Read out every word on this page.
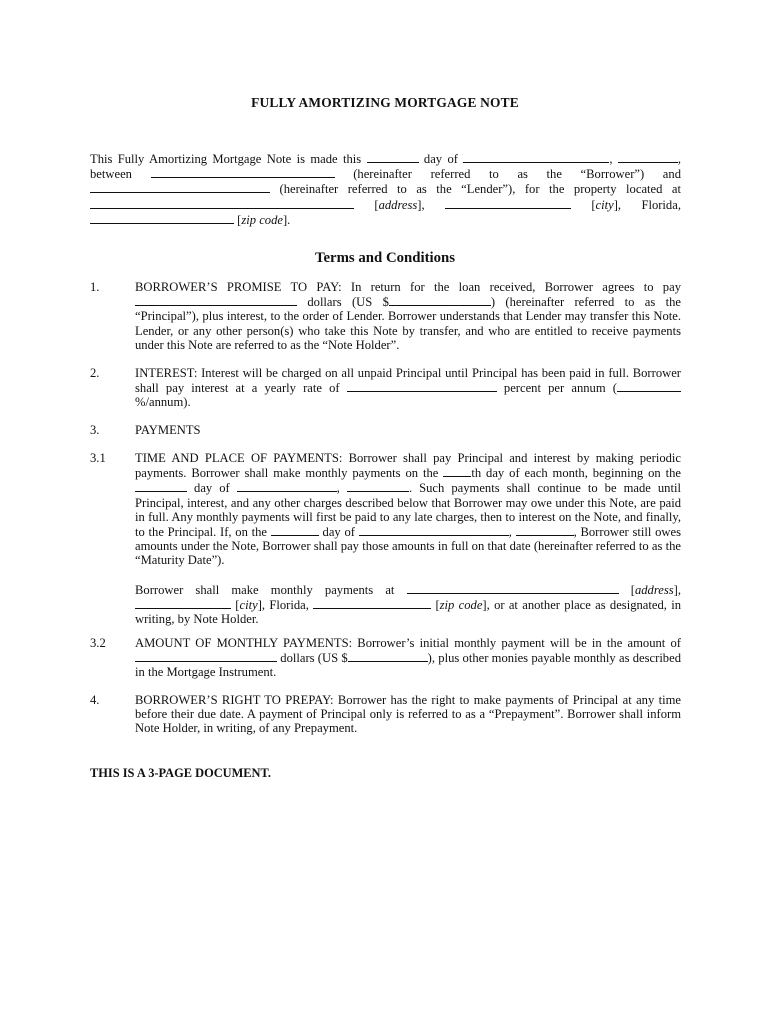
FULLY AMORTIZING MORTGAGE NOTE
This Fully Amortizing Mortgage Note is made this	day of	,	,
between	(hereinafter referred to as the “Borrower”) and
(hereinafter referred to as the “Lender”), for the property located at
[address],	[city], Florida,
[zip code].
Terms and Conditions
1.	BORROWER’S PROMISE TO PAY: In return for the loan received, Borrower agrees to pay

dollars (US $	) (hereinafter referred to as the “Principal”), plus interest, to the order of Lender. Borrower understands that Lender may transfer this Note. Lender, or any other person(s) who take this Note by transfer, and who are entitled to receive payments under this Note are referred to as the “Note Holder”.

2.	INTEREST: Interest will be charged on all unpaid Principal until Principal has been paid in full. Borrower shall pay interest at a yearly rate of	percent per annum (%/annum).

3.	PAYMENTS

3.1	TIME AND PLACE OF PAYMENTS: Borrower shall pay Principal and interest by making periodic payments. Borrower shall make monthly payments on the	th day of each month, beginning on the  day of	,	. Such payments shall continue to be made until Principal, interest, and any other charges described below that Borrower may owe under this Note, are paid in full. Any monthly payments will first be paid to any late charges, then to interest on the Note, and finally, to the Principal. If, on the	day of	,	, Borrower still owes amounts under the Note, Borrower shall pay those amounts in full on that date (hereinafter referred to as the “Maturity Date”).

Borrower shall make monthly payments at	[address],  [city], Florida,	[zip code], or at another place as designated, in writing, by Note Holder.

3.2	AMOUNT OF MONTHLY PAYMENTS: Borrower’s initial monthly payment will be in the amount of  dollars (US $	), plus other monies payable monthly as described in the Mortgage Instrument.

4.	BORROWER’S RIGHT TO PREPAY: Borrower has the right to make payments of Principal at any time before their due date. A payment of Principal only is referred to as a “Prepayment”. Borrower shall inform Note Holder, in writing, of any Prepayment.

THIS IS A 3-PAGE DOCUMENT.
